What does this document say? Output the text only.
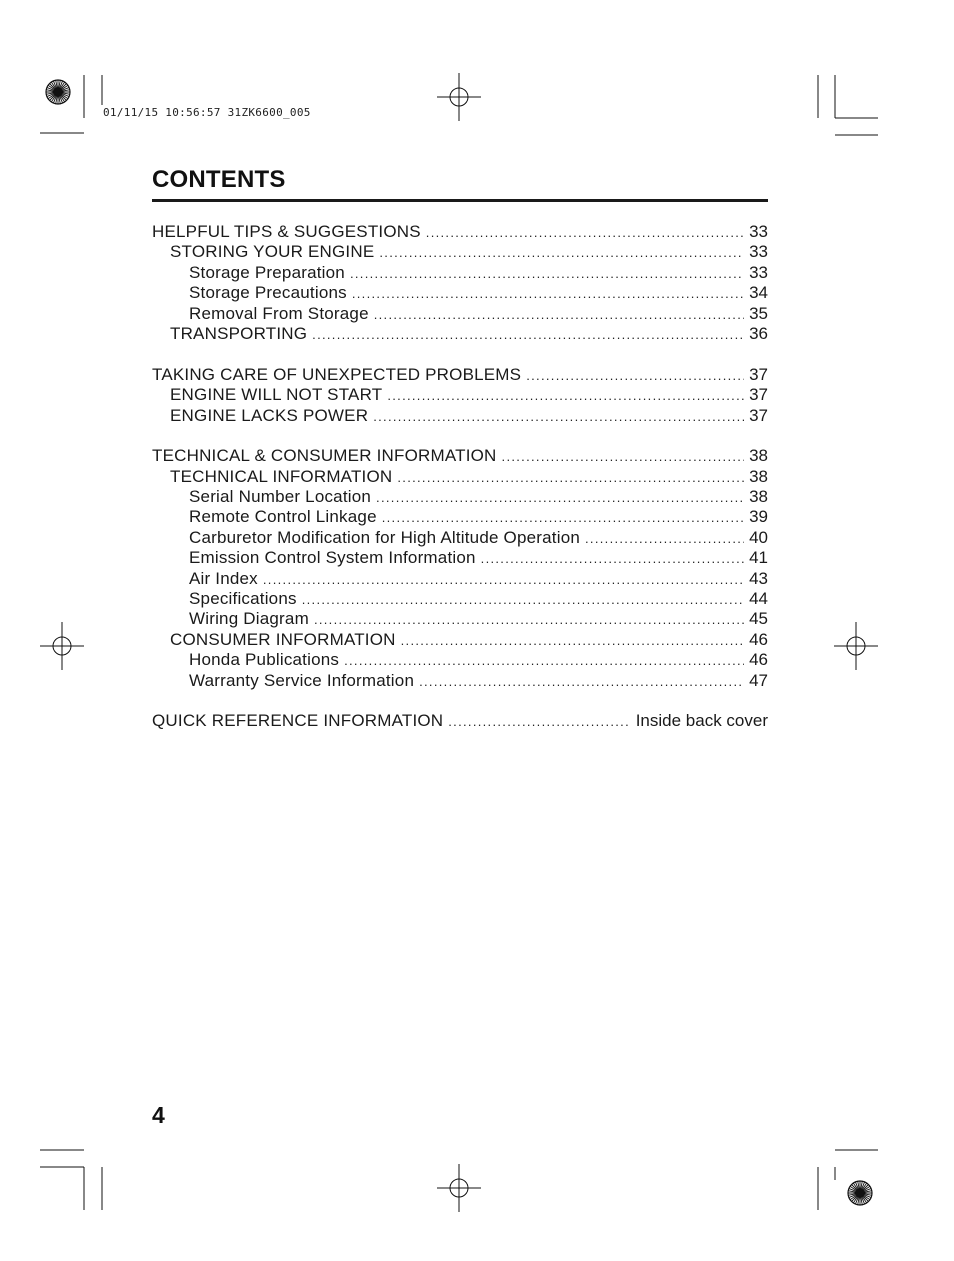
01/11/15 10:56:57 31ZK6600_005
CONTENTS
HELPFUL TIPS & SUGGESTIONS .....	33
STORING YOUR ENGINE .....	33
Storage Preparation .....	33
Storage Precautions .....	34
Removal From Storage .....	35
TRANSPORTING .....	36
TAKING CARE OF UNEXPECTED PROBLEMS .....	37
ENGINE WILL NOT START .....	37
ENGINE LACKS POWER .....	37
TECHNICAL & CONSUMER INFORMATION .....	38
TECHNICAL INFORMATION .....	38
Serial Number Location .....	38
Remote Control Linkage .....	39
Carburetor Modification for High Altitude Operation .....	40
Emission Control System Information .....	41
Air Index .....	43
Specifications .....	44
Wiring Diagram .....	45
CONSUMER INFORMATION .....	46
Honda Publications .....	46
Warranty Service Information .....	47
QUICK REFERENCE INFORMATION .....	Inside back cover
4
